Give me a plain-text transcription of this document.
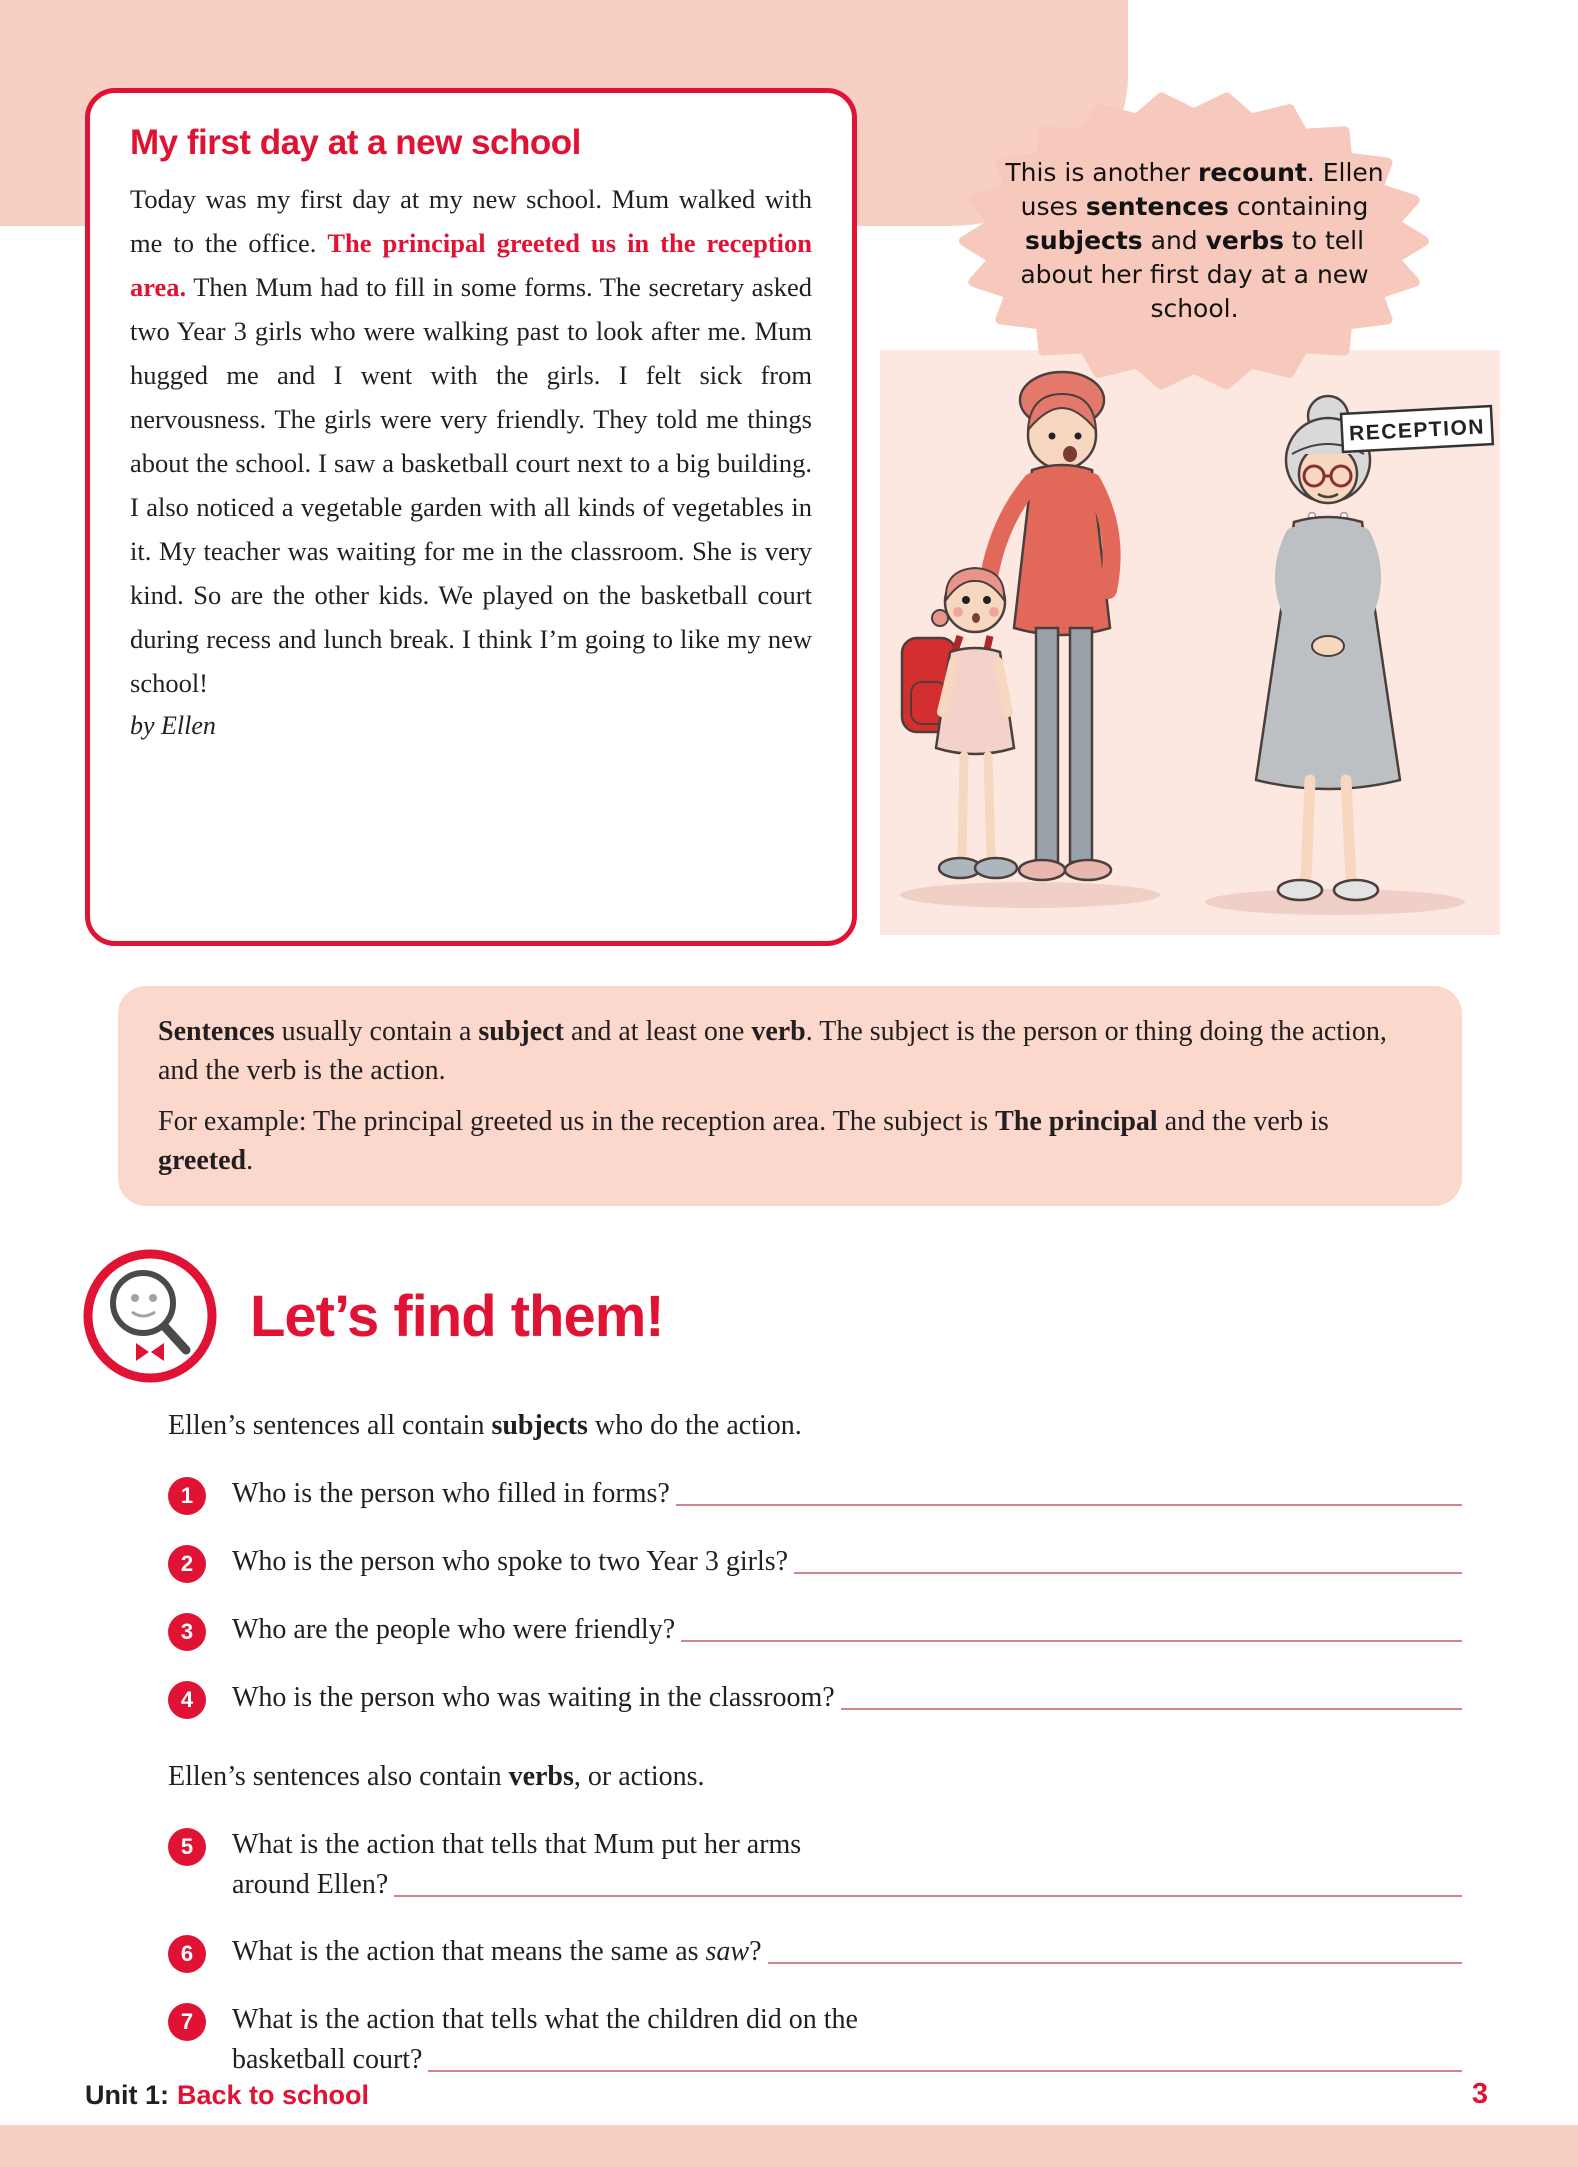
My first day at a new school

Today was my first day at my new school. Mum walked with me to the office. The principal greeted us in the reception area. Then Mum had to fill in some forms. The secretary asked two Year 3 girls who were walking past to look after me. Mum hugged me and I went with the girls. I felt sick from nervousness. The girls were very friendly. They told me things about the school. I saw a basketball court next to a big building. I also noticed a vegetable garden with all kinds of vegetables in it. My teacher was waiting for me in the classroom. She is very kind. So are the other kids. We played on the basketball court during recess and lunch break. I think I’m going to like my new school!

by Ellen

This is another recount. Ellen uses sentences containing subjects and verbs to tell about her first day at a new school.
RECEPTION

Sentences usually contain a subject and at least one verb. The subject is the person or thing doing the action, and the verb is the action.

For example: The principal greeted us in the reception area. The subject is The principal and the verb is greeted.

Let’s find them!

Ellen’s sentences all contain subjects who do the action.

1	Who is the person who filled in forms?
2	Who is the person who spoke to two Year 3 girls?
3	Who are the people who were friendly?
4	Who is the person who was waiting in the classroom?

Ellen’s sentences also contain verbs, or actions.

5	What is the action that tells that Mum put her arms
around Ellen?
6	What is the action that means the same as saw?
7	What is the action that tells what the children did on the
basketball court?
Unit 1: Back to school	3
